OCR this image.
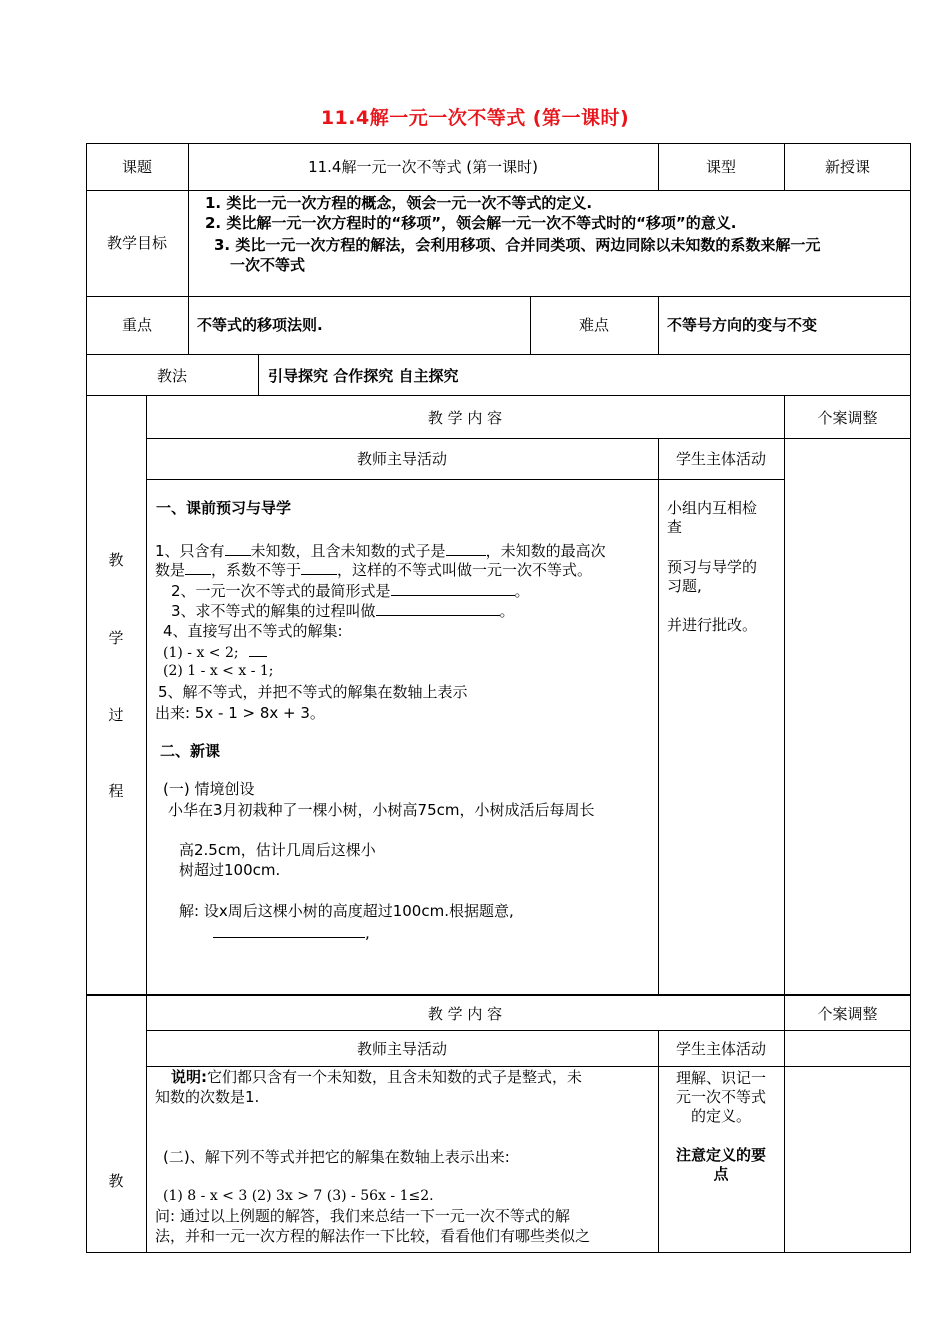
11.4解一元一次不等式 (第一课时)
课题	11.4解一元一次不等式 (第一课时)	课型	新授课
教学目标
1. 类比一元一次方程的概念，领会一元一次不等式的定义.
2. 类比解一元一次方程时的“移项”，领会解一元一次不等式时的“移项”的意义.
3. 类比一元一次方程的解法，会利用移项、合并同类项、两边同除以未知数的系数来解一元
一次不等式
重点	不等式的移项法则.	难点	不等号方向的变与不变
教法	引导探究 合作探究 自主探究
教
学
过
程
教 学 内 容	个案调整
教师主导活动	学生主体活动
一、课前预习与导学
1、只含有 未知数，且含未知数的式子是	，未知数的最高次
数是 ，系数不等于 ，这样的不等式叫做一元一次不等式。
2、一元一次不等式的最简形式是	。
3、求不等式的解集的过程叫做	。
4、直接写出不等式的解集:
(1) - x < 2;
(2) 1 - x < x - 1;
5、解不等式，并把不等式的解集在数轴上表示
出来: 5x - 1 > 8x + 3。
二、新课
(一) 情境创设
小华在3月初栽种了一棵小树，小树高75cm，小树成活后每周长
高2.5cm，估计几周后这棵小
树超过100cm.
解: 设x周后这棵小树的高度超过100cm.根据题意,
,
小组内互相检
查
预习与导学的
习题,
并进行批改。
教
教 学 内 容	个案调整
教师主导活动	学生主体活动
说明:它们都只含有一个未知数，且含未知数的式子是整式，未
知数的次数是1.
(二)、解下列不等式并把它的解集在数轴上表示出来:
(1) 8 - x < 3 (2) 3x > 7 (3) - 56x - 1≤2.
问: 通过以上例题的解答，我们来总结一下一元一次不等式的解
法，并和一元一次方程的解法作一下比较，看看他们有哪些类似之
理解、识记一
元一次不等式
的定义。
注意定义的要
点
